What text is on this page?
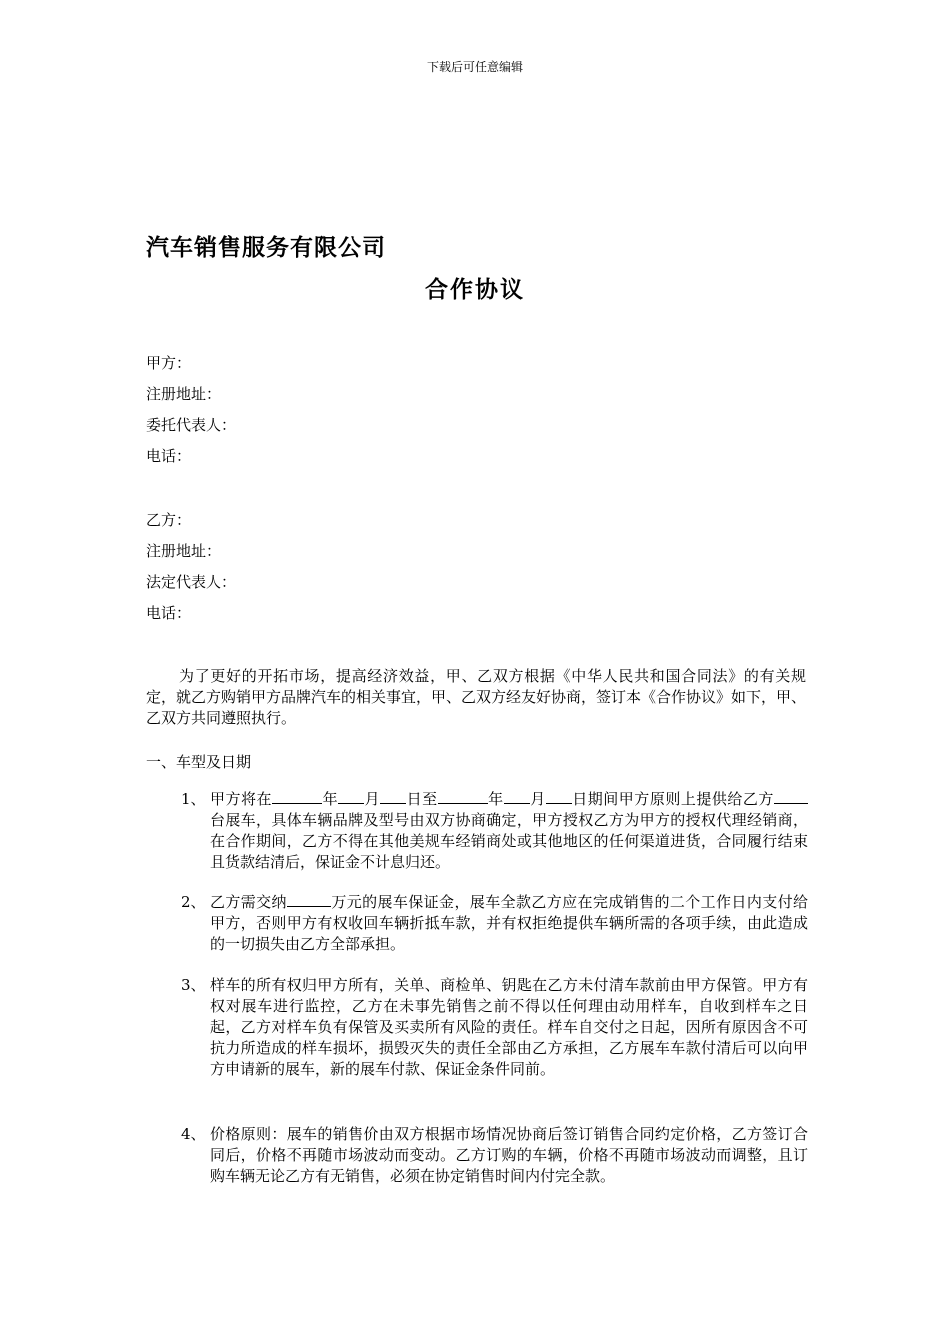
下载后可任意编辑
汽车销售服务有限公司
合作协议
甲方：
注册地址：
委托代表人：
电话：
乙方：
注册地址：
法定代表人：
电话：

为了更好的开拓市场，提高经济效益，甲、乙双方根据《中华人民共和国合同法》的有关规定，就乙方购销甲方品牌汽车的相关事宜，甲、乙双方经友好协商，签订本《合作协议》如下，甲、乙双方共同遵照执行。

一、车型及日期
1、 甲方将在	年 月 日至	年 月 日期间甲方原则上提供给乙方台展车，具体车辆品牌及型号由双方协商确定，甲方授权乙方为甲方的授权代理经销商，在合作期间，乙方不得在其他美规车经销商处或其他地区的任何渠道进货，合同履行结束且货款结清后，保证金不计息归还。
2、 乙方需交纳	万元的展车保证金，展车全款乙方应在完成销售的二个工作日内支付给甲方，否则甲方有权收回车辆折抵车款，并有权拒绝提供车辆所需的各项手续，由此造成的一切损失由乙方全部承担。
3、 样车的所有权归甲方所有，关单、商检单、钥匙在乙方未付清车款前由甲方保管。甲方有权对展车进行监控，乙方在未事先销售之前不得以任何理由动用样车，自收到样车之日起，乙方对样车负有保管及买卖所有风险的责任。样车自交付之日起，因所有原因含不可抗力所造成的样车损坏，损毁灭失的责任全部由乙方承担，乙方展车车款付清后可以向甲方申请新的展车，新的展车付款、保证金条件同前。
4、 价格原则：展车的销售价由双方根据市场情况协商后签订销售合同约定价格，乙方签订合同后，价格不再随市场波动而变动。乙方订购的车辆，价格不再随市场波动而调整，且订购车辆无论乙方有无销售，必须在协定销售时间内付完全款。
